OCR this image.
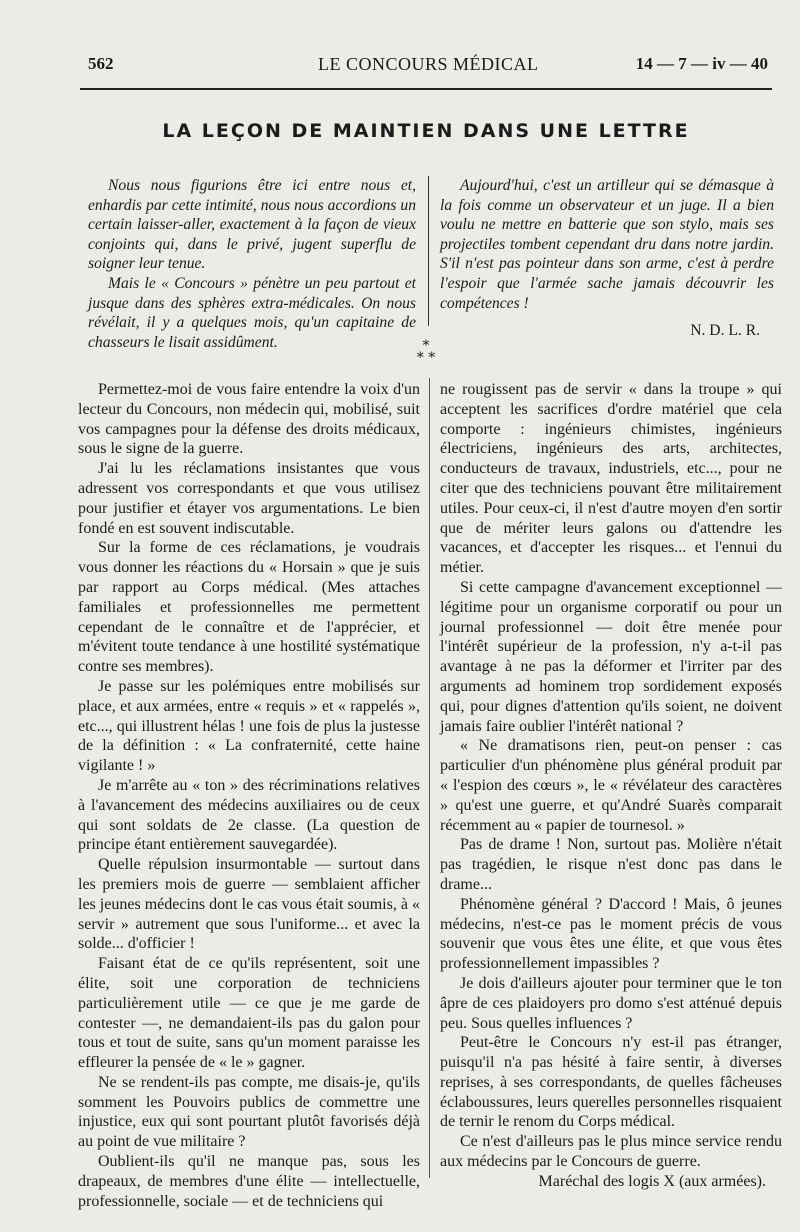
562	LE CONCOURS MÉDICAL	14 — 7 — iv — 40
LA LEÇON DE MAINTIEN DANS UNE LETTRE

Nous nous figurions être ici entre nous et, enhardis par cette intimité, nous nous accordions un certain laisser-aller, exactement à la façon de vieux conjoints qui, dans le privé, jugent superflu de soigner leur tenue.

Mais le « Concours » pénètre un peu partout et jusque dans des sphères extra-médicales. On nous révélait, il y a quelques mois, qu'un capitaine de chasseurs le lisait assidûment.

Aujourd'hui, c'est un artilleur qui se démasque à la fois comme un observateur et un juge. Il a bien voulu ne mettre en batterie que son stylo, mais ses projectiles tombent cependant dru dans notre jardin. S'il n'est pas pointeur dans son arme, c'est à perdre l'espoir que l'armée sache jamais découvrir les compétences !

N. D. L. R.
*
* *

Permettez-moi de vous faire entendre la voix d'un lecteur du Concours, non médecin qui, mobilisé, suit vos campagnes pour la défense des droits médicaux, sous le signe de la guerre.

J'ai lu les réclamations insistantes que vous adressent vos correspondants et que vous utilisez pour justifier et étayer vos argumentations. Le bien fondé en est souvent indiscutable.

Sur la forme de ces réclamations, je voudrais vous donner les réactions du « Horsain » que je suis par rapport au Corps médical. (Mes attaches familiales et professionnelles me permettent cependant de le connaître et de l'apprécier, et m'évitent toute tendance à une hostilité systématique contre ses membres).

Je passe sur les polémiques entre mobilisés sur place, et aux armées, entre « requis » et « rappelés », etc..., qui illustrent hélas ! une fois de plus la justesse de la définition : « La confraternité, cette haine vigilante ! »

Je m'arrête au « ton » des récriminations relatives à l'avancement des médecins auxiliaires ou de ceux qui sont soldats de 2e classe. (La question de principe étant entièrement sauvegardée).

Quelle répulsion insurmontable — surtout dans les premiers mois de guerre — semblaient afficher les jeunes médecins dont le cas vous était soumis, à « servir » autrement que sous l'uniforme... et avec la solde... d'officier !

Faisant état de ce qu'ils représentent, soit une élite, soit une corporation de techniciens particulièrement utile — ce que je me garde de contester —, ne demandaient-ils pas du galon pour tous et tout de suite, sans qu'un moment paraisse les effleurer la pensée de « le » gagner.

Ne se rendent-ils pas compte, me disais-je, qu'ils somment les Pouvoirs publics de commettre une injustice, eux qui sont pourtant plutôt favorisés déjà au point de vue militaire ?

Oublient-ils qu'il ne manque pas, sous les drapeaux, de membres d'une élite — intellectuelle, professionnelle, sociale — et de techniciens qui

ne rougissent pas de servir « dans la troupe » qui acceptent les sacrifices d'ordre matériel que cela comporte : ingénieurs chimistes, ingénieurs électriciens, ingénieurs des arts, architectes, conducteurs de travaux, industriels, etc..., pour ne citer que des techniciens pouvant être militairement utiles. Pour ceux-ci, il n'est d'autre moyen d'en sortir que de mériter leurs galons ou d'attendre les vacances, et d'accepter les risques... et l'ennui du métier.

Si cette campagne d'avancement exceptionnel — légitime pour un organisme corporatif ou pour un journal professionnel — doit être menée pour l'intérêt supérieur de la profession, n'y a-t-il pas avantage à ne pas la déformer et l'irriter par des arguments ad hominem trop sordidement exposés qui, pour dignes d'attention qu'ils soient, ne doivent jamais faire oublier l'intérêt national ?

« Ne dramatisons rien, peut-on penser : cas particulier d'un phénomène plus général produit par « l'espion des cœurs », le « révélateur des caractères » qu'est une guerre, et qu'André Suarès comparait récemment au « papier de tournesol. »

Pas de drame ! Non, surtout pas. Molière n'était pas tragédien, le risque n'est donc pas dans le drame...

Phénomène général ? D'accord ! Mais, ô jeunes médecins, n'est-ce pas le moment précis de vous souvenir que vous êtes une élite, et que vous êtes professionnellement impassibles ?

Je dois d'ailleurs ajouter pour terminer que le ton âpre de ces plaidoyers pro domo s'est atténué depuis peu. Sous quelles influences ?

Peut-être le Concours n'y est-il pas étranger, puisqu'il n'a pas hésité à faire sentir, à diverses reprises, à ses correspondants, de quelles fâcheuses éclaboussures, leurs querelles personnelles risquaient de ternir le renom du Corps médical.

Ce n'est d'ailleurs pas le plus mince service rendu aux médecins par le Concours de guerre.

Maréchal des logis X (aux armées).
